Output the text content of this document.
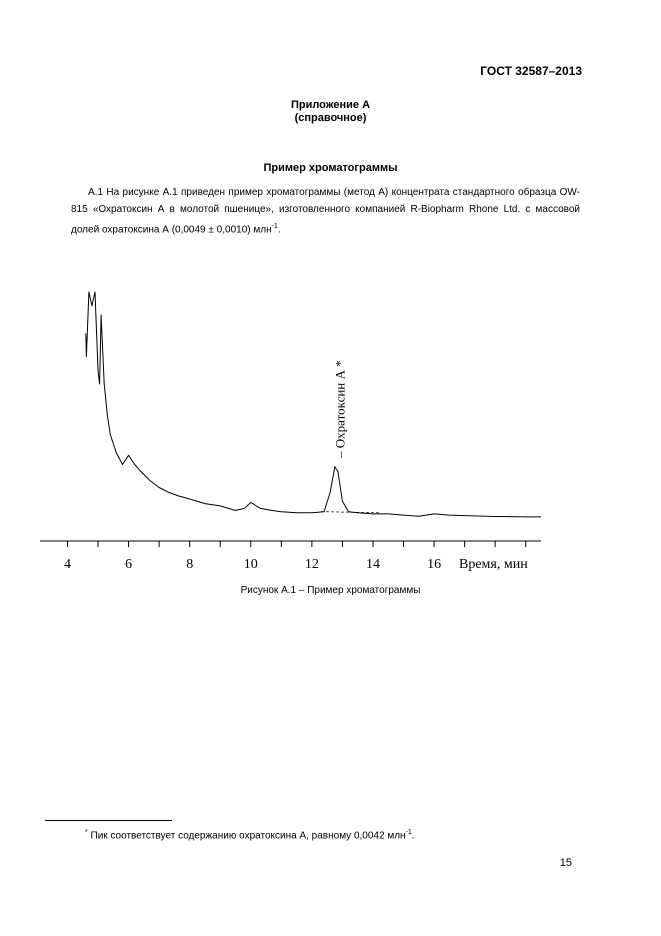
ГОСТ 32587–2013
Приложение А
(справочное)
Пример хроматограммы

А.1 На рисунке А.1 приведен пример хроматограммы (метод А) концентрата стандартного образца OW-815 «Охратоксин А в молотой пшенице», изготовленного компанией R-Biopharm Rhone Ltd. с массовой долей охратоксина А (0,0049 ± 0,0010) млн$^{-1}$.

4	6	8	10	12	14	16 Время, мин
– Охратоксин А *
Рисунок А.1 – Пример хроматограммы
* Пик соответствует содержанию охратоксина А, равному 0,0042 млн$^{-1}$.
15
